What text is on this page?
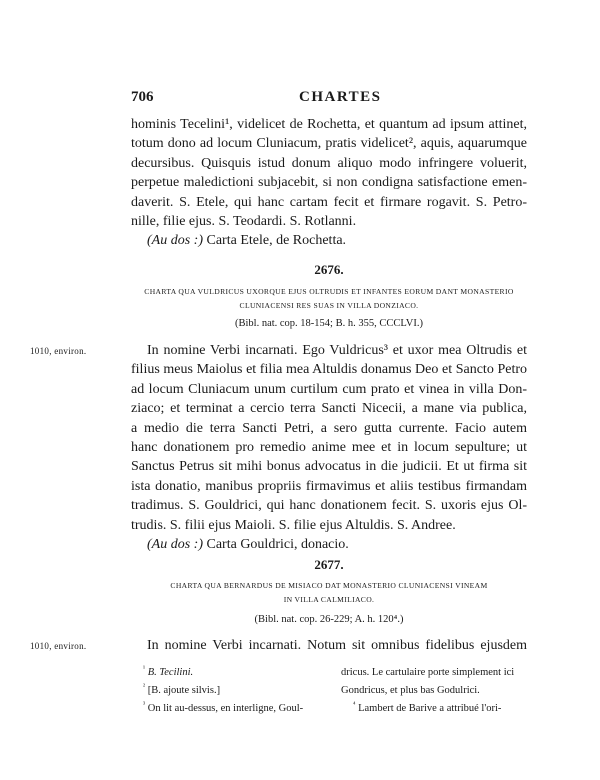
706	CHARTES
hominis Tecelini¹, videlicet de Rochetta, et quantum ad ipsum attinet,
totum dono ad locum Cluniacum, pratis videlicet², aquis, aquarumque
decursibus. Quisquis istud donum aliquo modo infringere voluerit,
perpetue maledictioni subjacebit, si non condigna satisfactione emen-
daverit. S. Etele, qui hanc cartam fecit et firmare rogavit. S. Petro-
nille, filie ejus. S. Teodardi. S. Rotlanni.
(Au dos :) Carta Etele, de Rochetta.
2676.
CHARTA QUA VULDRICUS UXORQUE EJUS OLTRUDIS ET INFANTES EORUM DANT MONASTERIO
CLUNIACENSI RES SUAS IN VILLA DONZIACO.
(Bibl. nat. cop. 18-154; B. h. 355, CCCLVI.)
1010, environ.	In nomine Verbi incarnati. Ego Vuldricus³ et uxor mea Oltrudis et
filius meus Maiolus et filia mea Altuldis donamus Deo et Sancto Petro
ad locum Cluniacum unum curtilum cum prato et vinea in villa Don-
ziaco; et terminat a cercio terra Sancti Nicecii, a mane via publica,
a medio die terra Sancti Petri, a sero gutta currente. Facio autem
hanc donationem pro remedio anime mee et in locum sepulture; ut
Sanctus Petrus sit mihi bonus advocatus in die judicii. Et ut firma sit
ista donatio, manibus propriis firmavimus et aliis testibus firmandam
tradimus. S. Gouldrici, qui hanc donationem fecit. S. uxoris ejus Ol-
trudis. S. filii ejus Maioli. S. filie ejus Altuldis. S. Andree.
(Au dos :) Carta Gouldrici, donacio.
2677.
CHARTA QUA BERNARDUS DE MISIACO DAT MONASTERIO CLUNIACENSI VINEAM
IN VILLA CALMILIACO.
(Bibl. nat. cop. 26-229; A. h. 120⁴.)
1010, environ.	In nomine Verbi incarnati. Notum sit omnibus fidelibus ejusdem
$^{^1}$ B. Tecilini.
$^{^2}$ [B. ajoute silvis.]
$^{^3}$ On lit au-dessus, en interligne, Goul-
dricus. Le cartulaire porte simplement ici
Gondricus, et plus bas Godulrici.
$^{^4}$ Lambert de Barive a attribué l'ori-
